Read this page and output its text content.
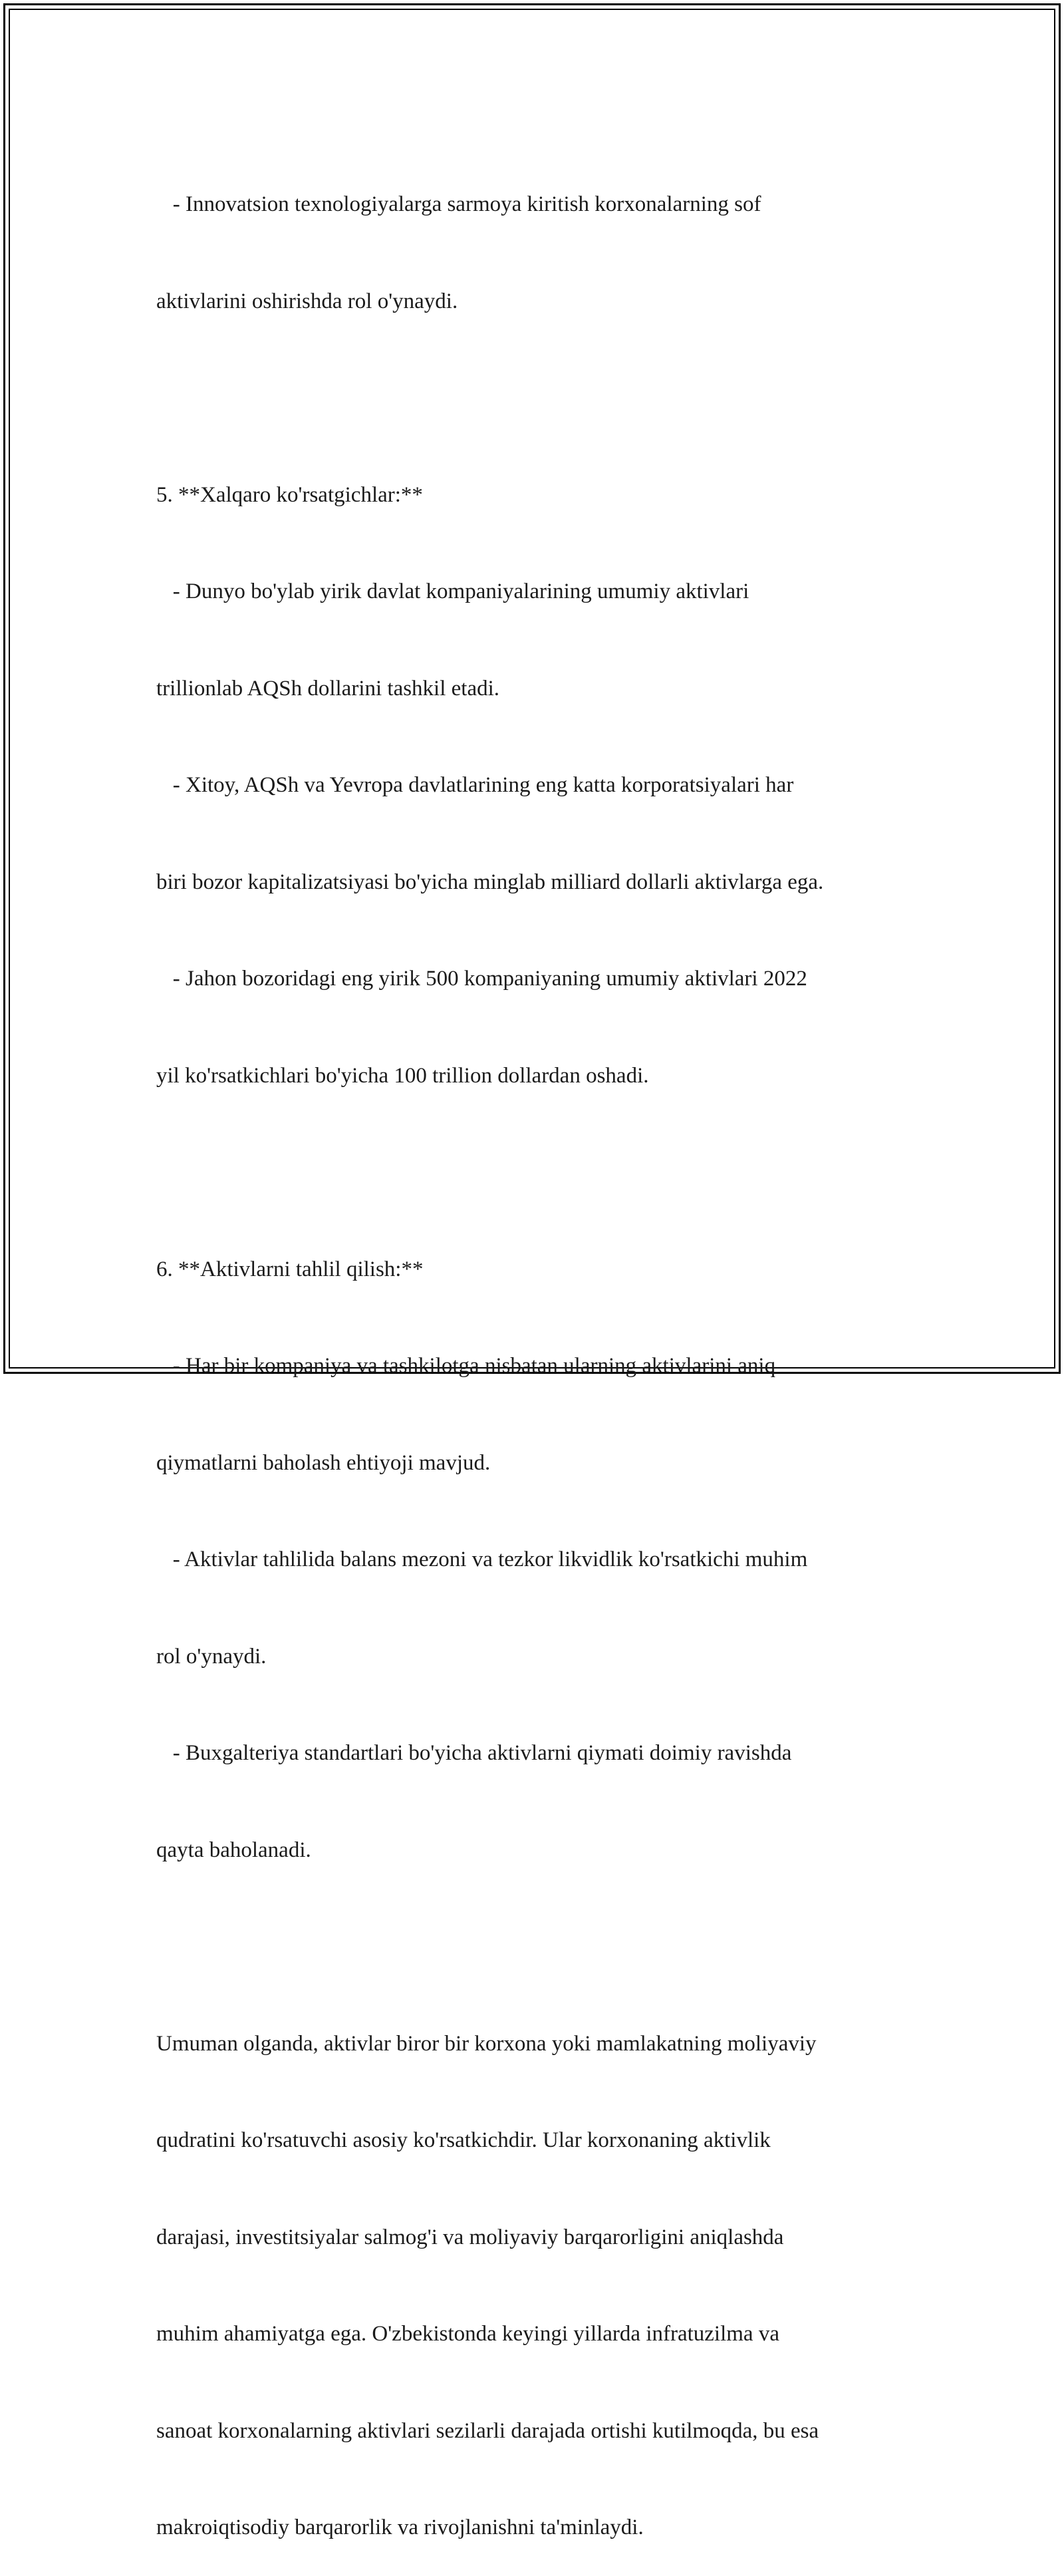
- Innovatsion texnologiyalarga sarmoya kiritish korxonalarning sof

aktivlarini oshirishda rol o'ynaydi.

5. **Xalqaro ko'rsatgichlar:**

- Dunyo bo'ylab yirik davlat kompaniyalarining umumiy aktivlari

trillionlab AQSh dollarini tashkil etadi.

- Xitoy, AQSh va Yevropa davlatlarining eng katta korporatsiyalari har

biri bozor kapitalizatsiyasi bo'yicha minglab milliard dollarli aktivlarga ega.

- Jahon bozoridagi eng yirik 500 kompaniyaning umumiy aktivlari 2022

yil ko'rsatkichlari bo'yicha 100 trillion dollardan oshadi.

6. **Aktivlarni tahlil qilish:**

- Har bir kompaniya va tashkilotga nisbatan ularning aktivlarini aniq

qiymatlarni baholash ehtiyoji mavjud.

- Aktivlar tahlilida balans mezoni va tezkor likvidlik ko'rsatkichi muhim

rol o'ynaydi.

- Buxgalteriya standartlari bo'yicha aktivlarni qiymati doimiy ravishda

qayta baholanadi.

Umuman olganda, aktivlar biror bir korxona yoki mamlakatning moliyaviy

qudratini ko'rsatuvchi asosiy ko'rsatkichdir. Ular korxonaning aktivlik

darajasi, investitsiyalar salmog'i va moliyaviy barqarorligini aniqlashda

muhim ahamiyatga ega. O'zbekistonda keyingi yillarda infratuzilma va

sanoat korxonalarning aktivlari sezilarli darajada ortishi kutilmoqda, bu esa

makroiqtisodiy barqarorlik va rivojlanishni ta'minlaydi.
